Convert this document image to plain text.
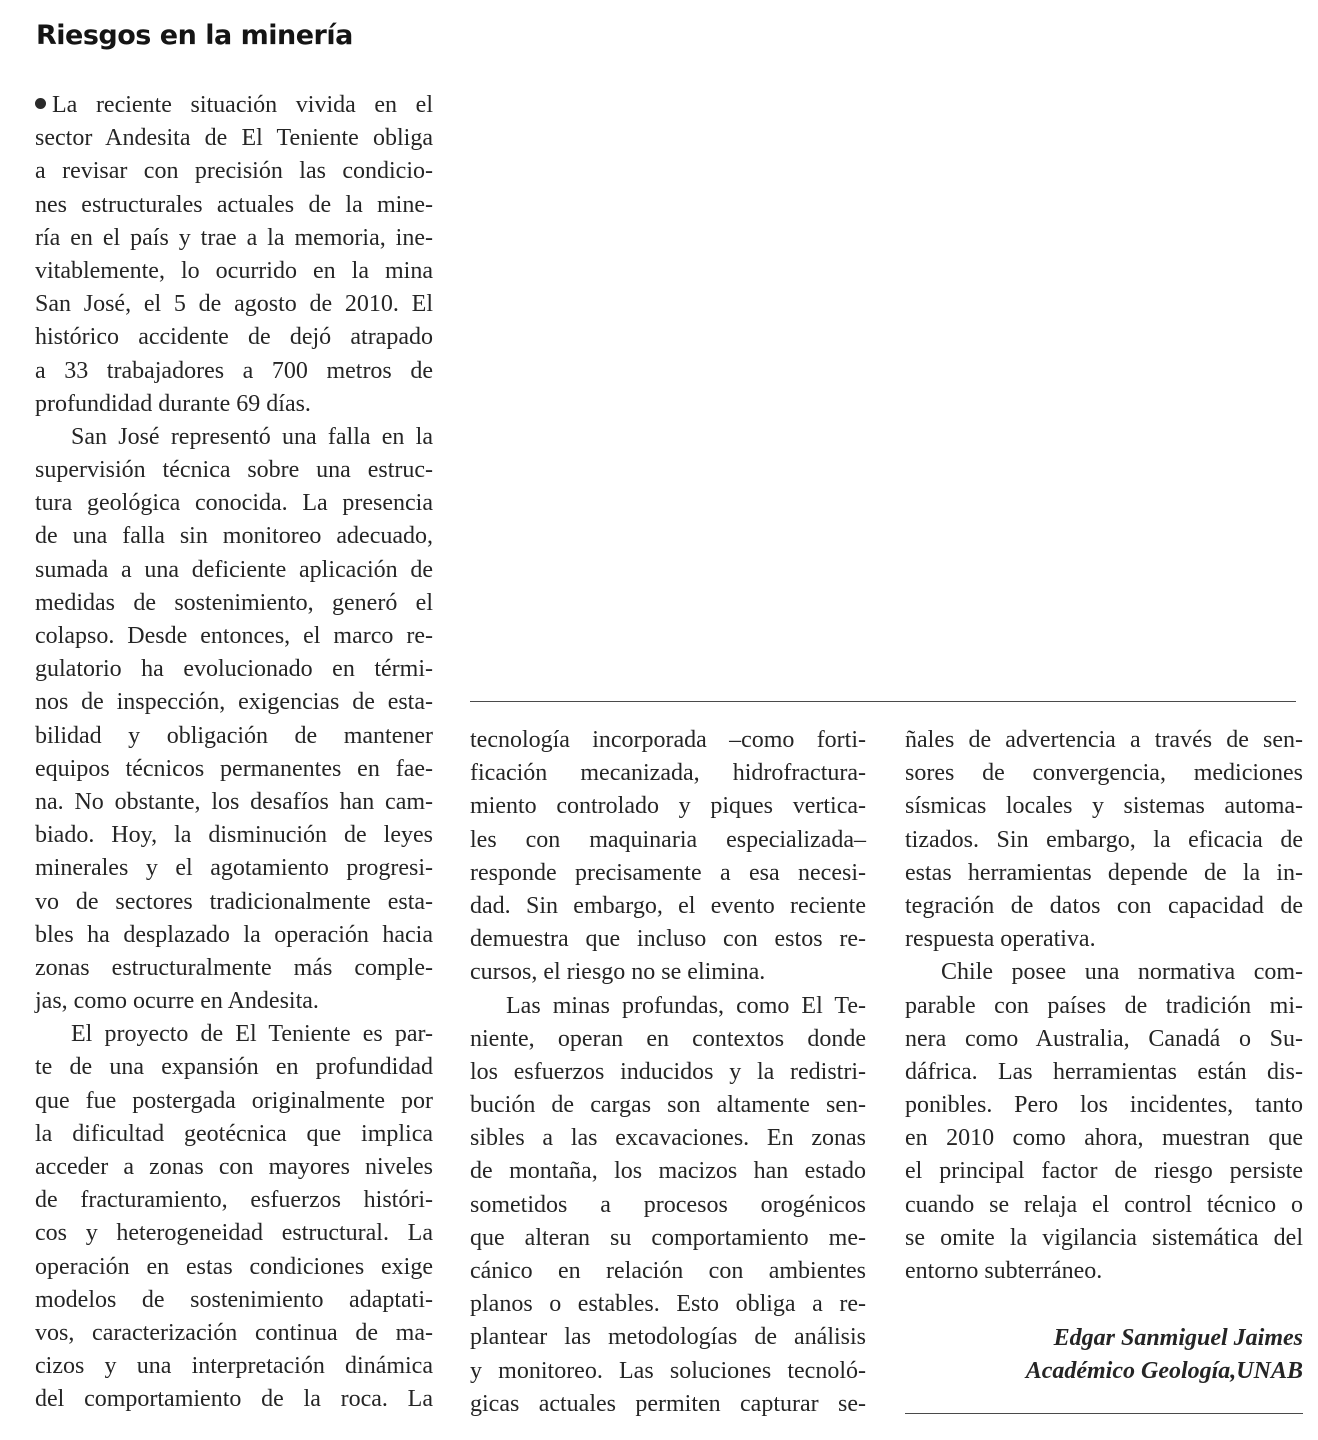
Riesgos en la minería
La reciente situación vivida en el
sector Andesita de El Teniente obliga
a revisar con precisión las condicio-
nes estructurales actuales de la mine-
ría en el país y trae a la memoria, ine-
vitablemente, lo ocurrido en la mina
San José, el 5 de agosto de 2010. El
histórico accidente de dejó atrapado
a 33 trabajadores a 700 metros de
profundidad durante 69 días.
San José representó una falla en la
supervisión técnica sobre una estruc-
tura geológica conocida. La presencia
de una falla sin monitoreo adecuado,
sumada a una deficiente aplicación de
medidas de sostenimiento, generó el
colapso. Desde entonces, el marco re-
gulatorio ha evolucionado en térmi-
nos de inspección, exigencias de esta-
bilidad y obligación de mantener
equipos técnicos permanentes en fae-
na. No obstante, los desafíos han cam-
biado. Hoy, la disminución de leyes
minerales y el agotamiento progresi-
vo de sectores tradicionalmente esta-
bles ha desplazado la operación hacia
zonas estructuralmente más comple-
jas, como ocurre en Andesita.
El proyecto de El Teniente es par-
te de una expansión en profundidad
que fue postergada originalmente por
la dificultad geotécnica que implica
acceder a zonas con mayores niveles
de fracturamiento, esfuerzos históri-
cos y heterogeneidad estructural. La
operación en estas condiciones exige
modelos de sostenimiento adaptati-
vos, caracterización continua de ma-
cizos y una interpretación dinámica
del comportamiento de la roca. La
tecnología incorporada –como forti-
ficación mecanizada, hidrofractura-
miento controlado y piques vertica-
les con maquinaria especializada–
responde precisamente a esa necesi-
dad. Sin embargo, el evento reciente
demuestra que incluso con estos re-
cursos, el riesgo no se elimina.
Las minas profundas, como El Te-
niente, operan en contextos donde
los esfuerzos inducidos y la redistri-
bución de cargas son altamente sen-
sibles a las excavaciones. En zonas
de montaña, los macizos han estado
sometidos a procesos orogénicos
que alteran su comportamiento me-
cánico en relación con ambientes
planos o estables. Esto obliga a re-
plantear las metodologías de análisis
y monitoreo. Las soluciones tecnoló-
gicas actuales permiten capturar se-
ñales de advertencia a través de sen-
sores de convergencia, mediciones
sísmicas locales y sistemas automa-
tizados. Sin embargo, la eficacia de
estas herramientas depende de la in-
tegración de datos con capacidad de
respuesta operativa.
Chile posee una normativa com-
parable con países de tradición mi-
nera como Australia, Canadá o Su-
dáfrica. Las herramientas están dis-
ponibles. Pero los incidentes, tanto
en 2010 como ahora, muestran que
el principal factor de riesgo persiste
cuando se relaja el control técnico o
se omite la vigilancia sistemática del
entorno subterráneo.
Edgar Sanmiguel Jaimes
Académico Geología,UNAB
